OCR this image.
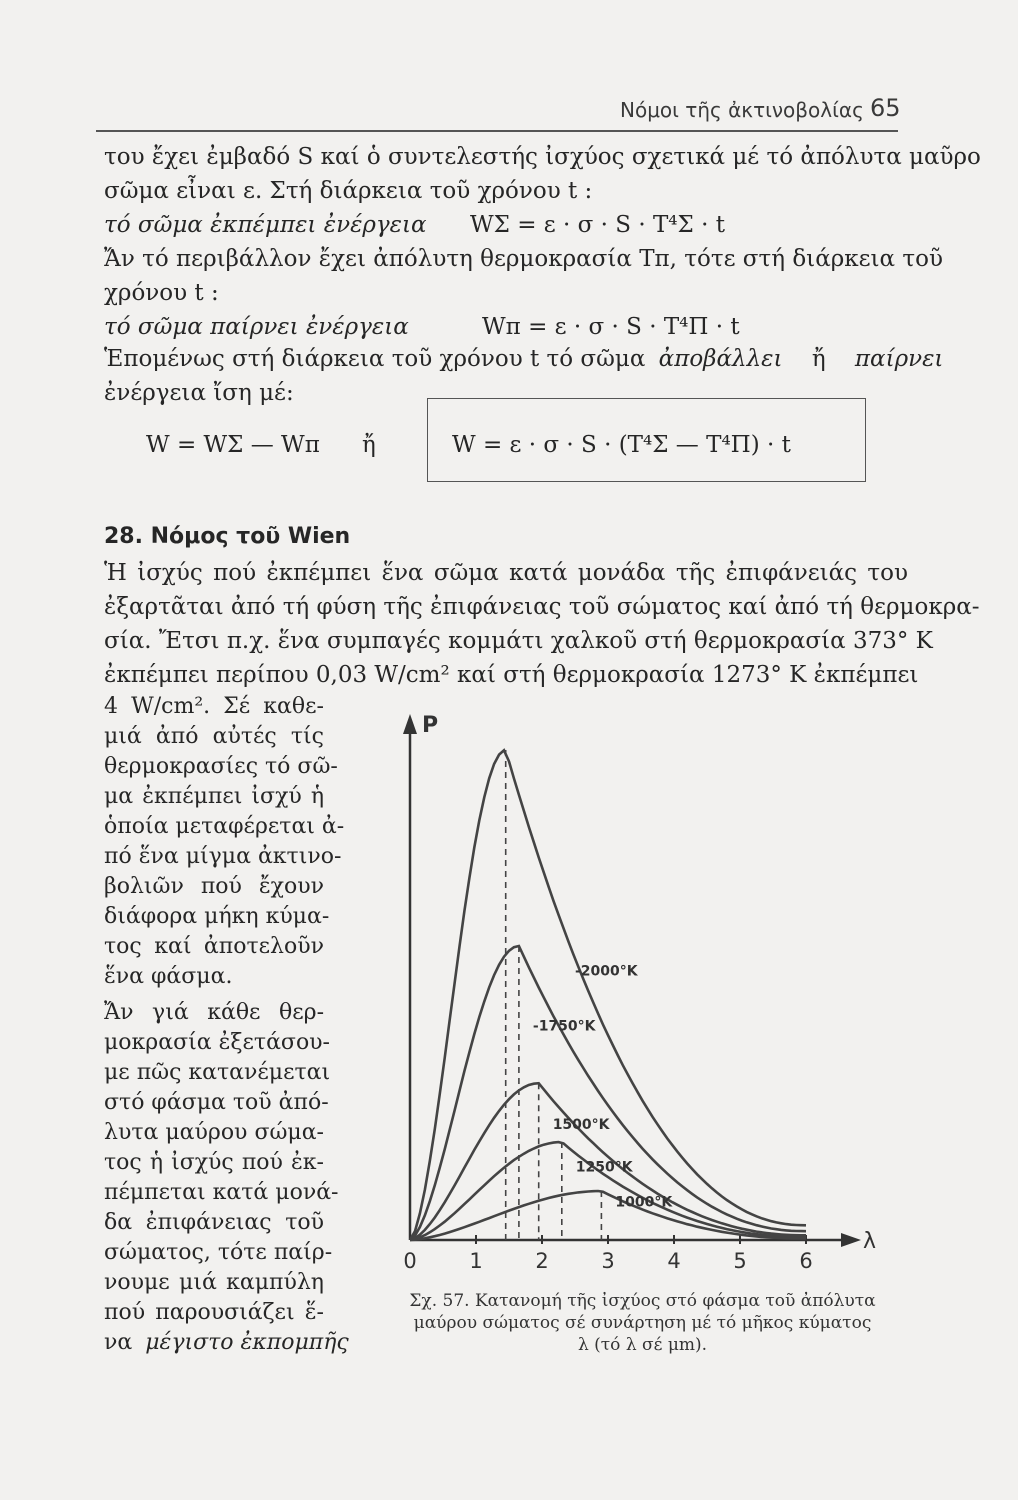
Νόμοι τῆς ἀκτινοβολίας 65
του ἔχει ἐμβαδό S καί ὁ συντελεστής ἰσχύος σχετικά μέ τό ἀπόλυτα μαῦρο
σῶμα εἶναι ε. Στή διάρκεια τοῦ χρόνου t :
τό σῶμα ἐκπέμπει ἐνέργεια WΣ = ε · σ · S · T⁴Σ · t
Ἄν τό περιβάλλον ἔχει ἀπόλυτη θερμοκρασία Tπ, τότε στή διάρκεια τοῦ
χρόνου t :
τό σῶμα παίρνει ἐνέργεια	Wπ = ε · σ · S · T⁴Π · t
Ἑπομένως στή διάρκεια τοῦ χρόνου t τό σῶμα ἀποβάλλει ἤ παίρνει
ἐνέργεια ἴση μέ:
W = WΣ — Wπ ἤ	W = ε · σ · S · (T⁴Σ — T⁴Π) · t
28. Νόμος τοῦ Wien
Ἡ ἰσχύς πού ἐκπέμπει ἕνα σῶμα κατά μονάδα τῆς ἐπιφάνειάς του
ἐξαρτᾶται ἀπό τή φύση τῆς ἐπιφάνειας τοῦ σώματος καί ἀπό τή θερμοκρα-
σία. Ἔτσι π.χ. ἕνα συμπαγές κομμάτι χαλκοῦ στή θερμοκρασία 373° K
ἐκπέμπει περίπου 0,03 W/cm² καί στή θερμοκρασία 1273° K ἐκπέμπει
4 W/cm². Σέ καθε-
μιά ἀπό αὐτές τίς
θερμοκρασίες τό σῶ-
μα ἐκπέμπει ἰσχύ ἡ
ὁποία μεταφέρεται ἀ-
πό ἕνα μίγμα ἀκτινο-
βολιῶν πού ἔχουν
διάφορα μήκη κύμα-
τος καί ἀποτελοῦν
ἕνα φάσμα.
Ἄν γιά κάθε θερ-
μοκρασία ἐξετάσου-
με πῶς κατανέμεται
στό φάσμα τοῦ ἀπό-
λυτα μαύρου σώμα-
τος ἡ ἰσχύς πού ἐκ-
πέμπεται κατά μονά-
δα ἐπιφάνειας τοῦ
σώματος, τότε παίρ-
νουμε μιά καμπύλη
πού παρουσιάζει ἕ-
να μέγιστο ἐκπομπῆς
P
λ
0	1	2	3	4	5	6
-2000°K
-1750°K
1500°K
1250°K
1000°K
Σχ. 57. Κατανομή τῆς ἰσχύος στό φάσμα τοῦ ἀπόλυτα
μαύρου σώματος σέ συνάρτηση μέ τό μῆκος κύματος
λ (τό λ σέ μm).
